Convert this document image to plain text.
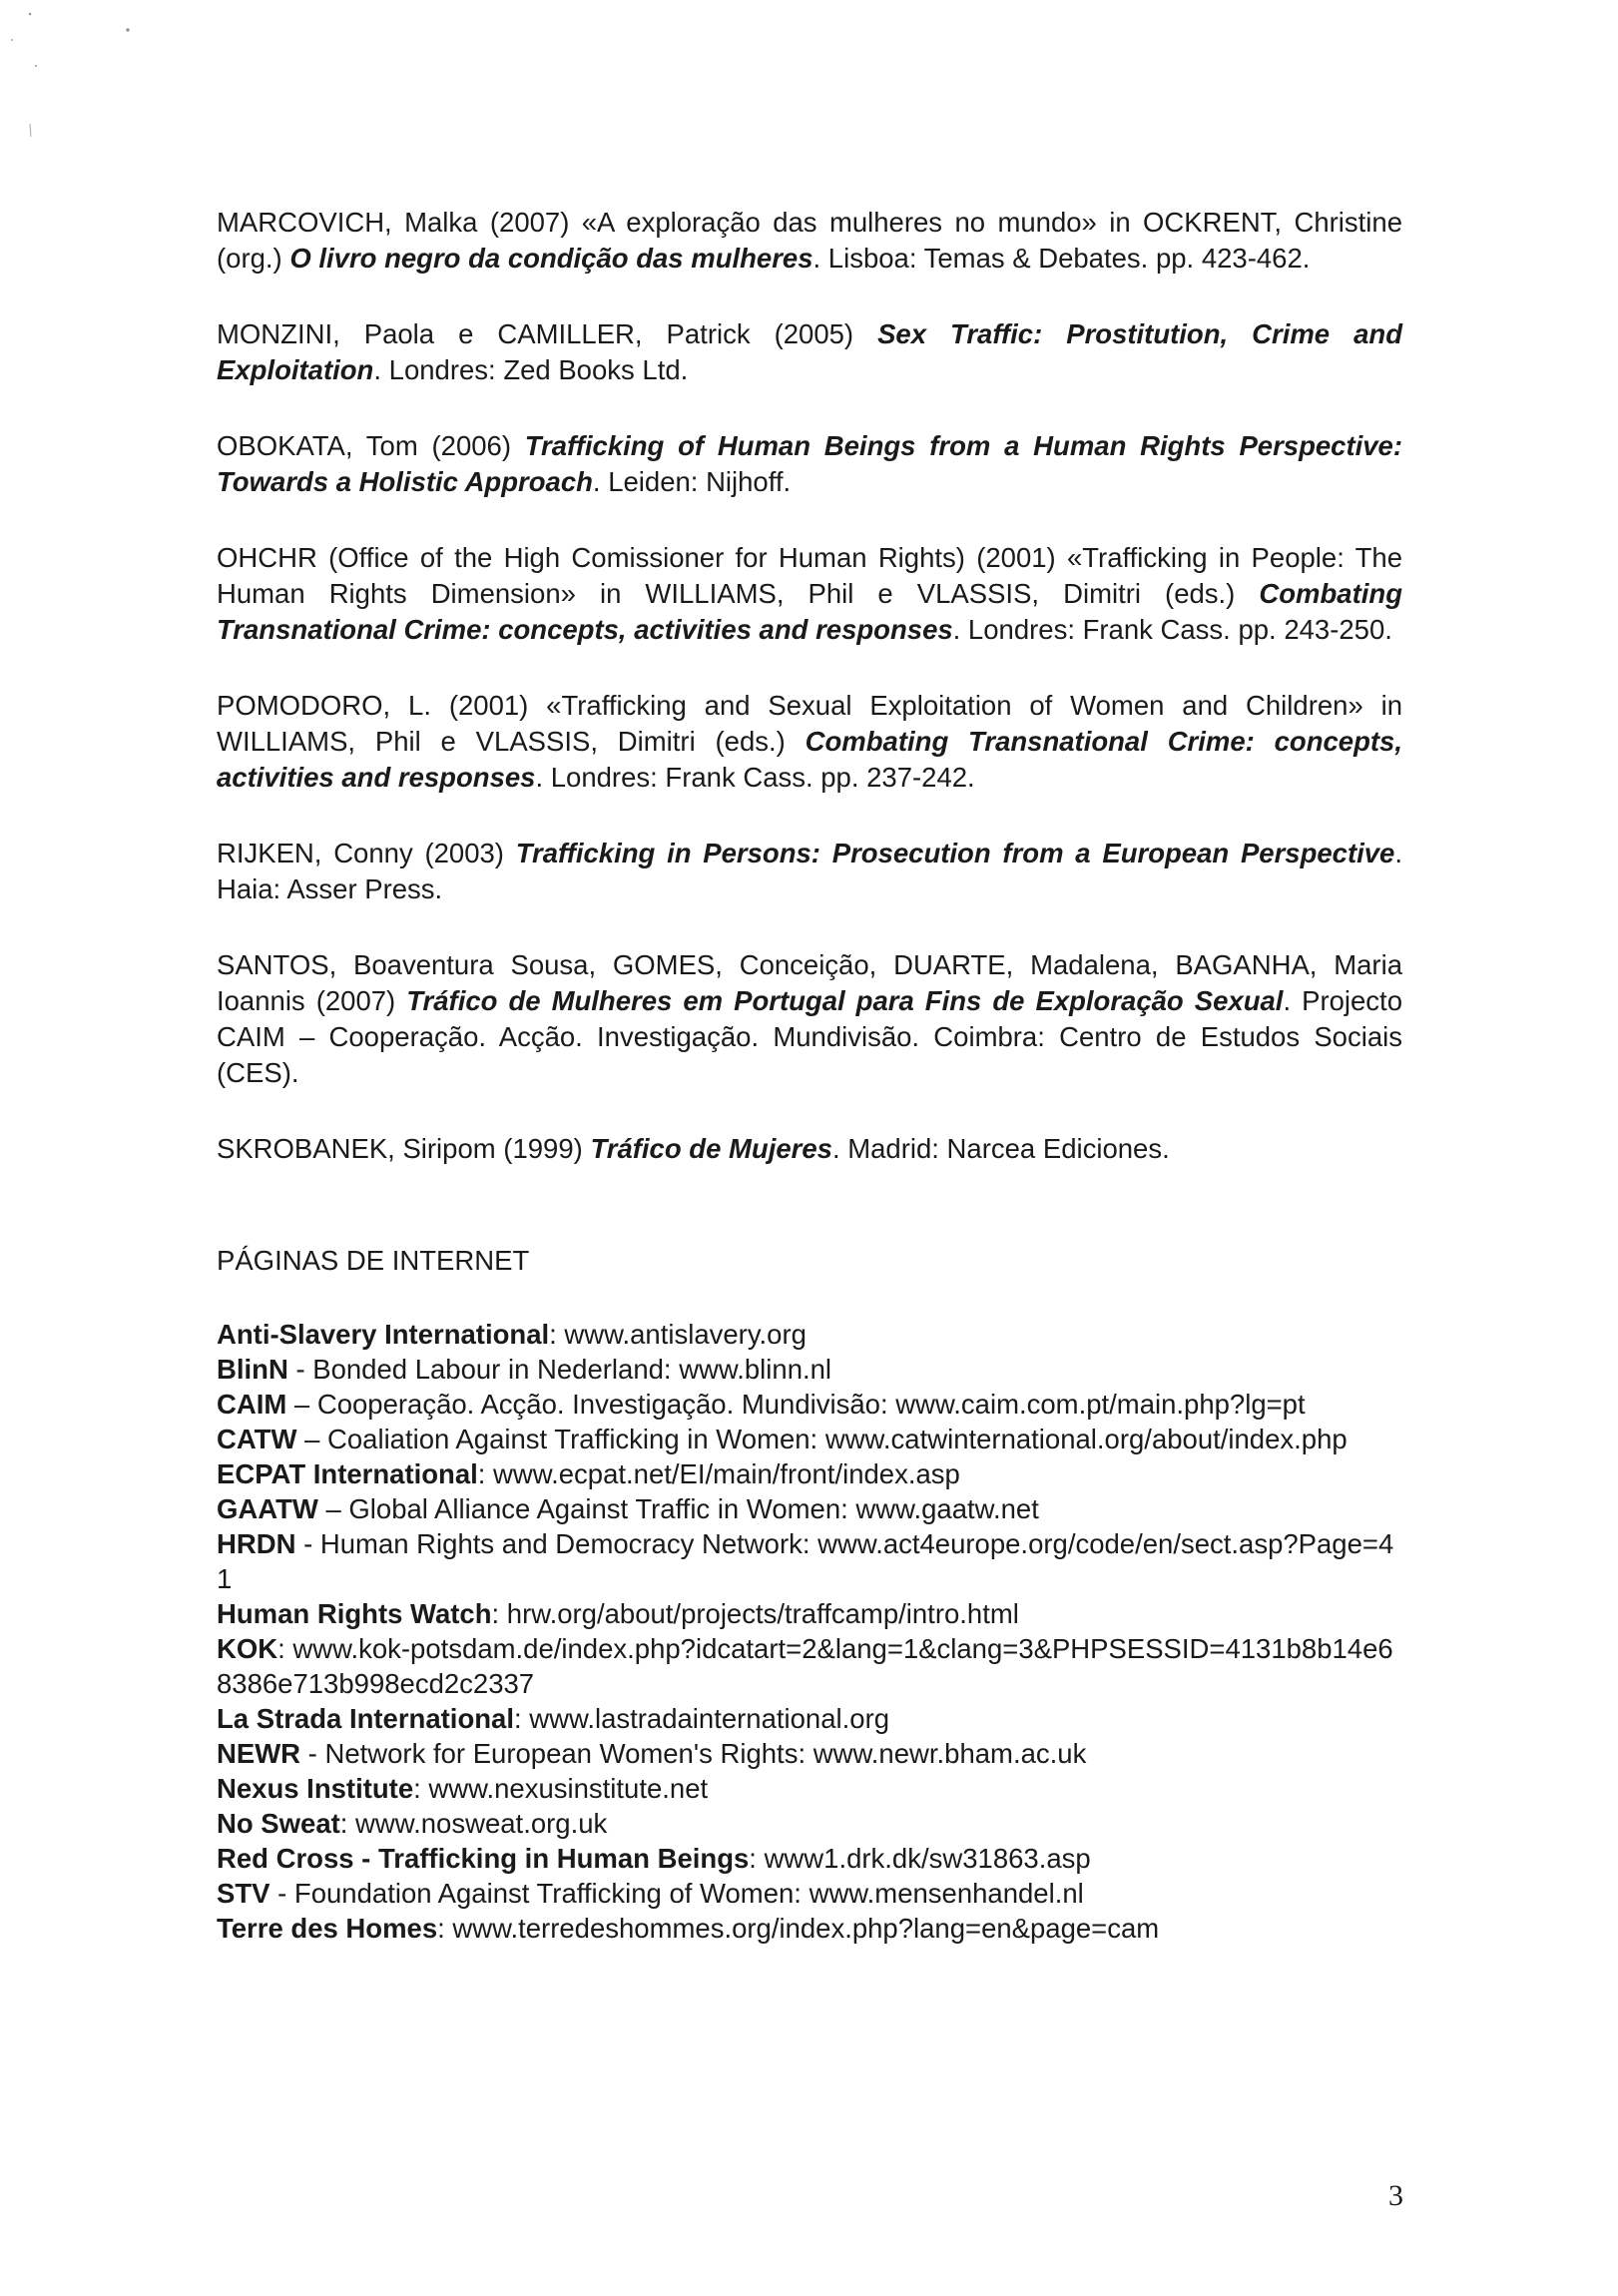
MARCOVICH, Malka (2007) «A exploração das mulheres no mundo» in OCKRENT, Christine (org.) O livro negro da condição das mulheres. Lisboa: Temas & Debates. pp. 423-462.

MONZINI, Paola e CAMILLER, Patrick (2005) Sex Traffic: Prostitution, Crime and Exploitation. Londres: Zed Books Ltd.

OBOKATA, Tom (2006) Trafficking of Human Beings from a Human Rights Perspective: Towards a Holistic Approach. Leiden: Nijhoff.

OHCHR (Office of the High Comissioner for Human Rights) (2001) «Trafficking in People: The Human Rights Dimension» in WILLIAMS, Phil e VLASSIS, Dimitri (eds.) Combating Transnational Crime: concepts, activities and responses. Londres: Frank Cass. pp. 243-250.

POMODORO, L. (2001) «Trafficking and Sexual Exploitation of Women and Children» in WILLIAMS, Phil e VLASSIS, Dimitri (eds.) Combating Transnational Crime: concepts, activities and responses. Londres: Frank Cass. pp. 237-242.

RIJKEN, Conny (2003) Trafficking in Persons: Prosecution from a European Perspective. Haia: Asser Press.

SANTOS, Boaventura Sousa, GOMES, Conceição, DUARTE, Madalena, BAGANHA, Maria Ioannis (2007) Tráfico de Mulheres em Portugal para Fins de Exploração Sexual. Projecto CAIM – Cooperação. Acção. Investigação. Mundivisão. Coimbra: Centro de Estudos Sociais (CES).

SKROBANEK, Siripom (1999) Tráfico de Mujeres. Madrid: Narcea Ediciones.

PÁGINAS DE INTERNET

Anti-Slavery International: www.antislavery.org

BlinN - Bonded Labour in Nederland: www.blinn.nl

CAIM – Cooperação. Acção. Investigação. Mundivisão: www.caim.com.pt/main.php?lg=pt

CATW – Coaliation Against Trafficking in Women: www.catwinternational.org/about/index.php

ECPAT International: www.ecpat.net/EI/main/front/index.asp

GAATW – Global Alliance Against Traffic in Women: www.gaatw.net

HRDN - Human Rights and Democracy Network: www.act4europe.org/code/en/sect.asp?Page=41

Human Rights Watch: hrw.org/about/projects/traffcamp/intro.html

KOK: www.kok-potsdam.de/index.php?idcatart=2&lang=1&clang=3&PHPSESSID=4131b8b14e68386e713b998ecd2c2337

La Strada International: www.lastradainternational.org

NEWR - Network for European Women's Rights: www.newr.bham.ac.uk

Nexus Institute: www.nexusinstitute.net

No Sweat: www.nosweat.org.uk

Red Cross - Trafficking in Human Beings: www1.drk.dk/sw31863.asp

STV - Foundation Against Trafficking of Women: www.mensenhandel.nl

Terre des Homes: www.terredeshommes.org/index.php?lang=en&page=cam

3
